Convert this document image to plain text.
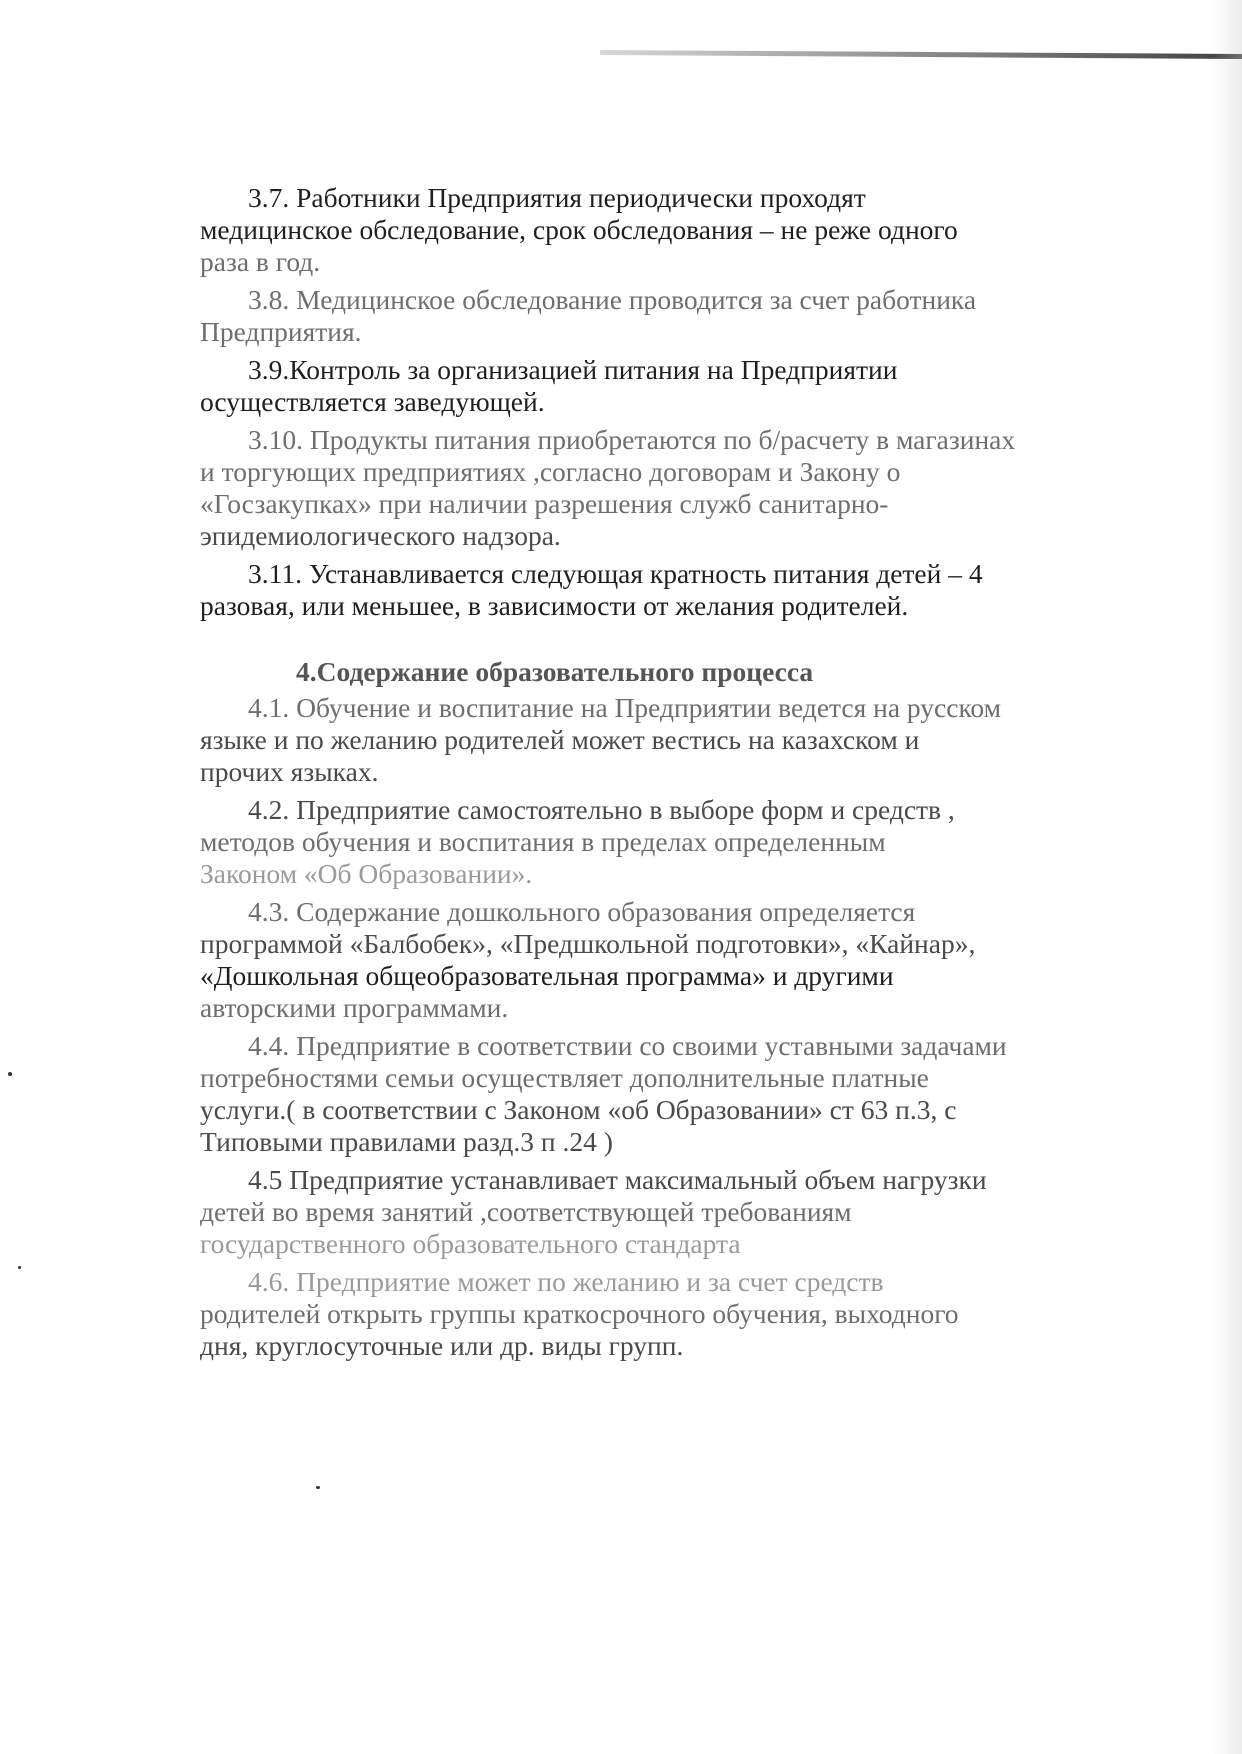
3.7. Работники Предприятия периодически проходят
медицинское обследование, срок обследования – не реже одного
раза в год.
3.8. Медицинское обследование проводится за счет работника
Предприятия.
3.9.Контроль за организацией питания на Предприятии
осуществляется заведующей.
3.10. Продукты питания приобретаются по б/расчету в магазинах
и торгующих предприятиях ,согласно договорам и Закону о
«Госзакупках» при наличии разрешения служб санитарно-
эпидемиологического надзора.
3.11. Устанавливается следующая кратность питания детей – 4
разовая, или меньшее, в зависимости от желания родителей.
4.Содержание образовательного процесса
4.1. Обучение и воспитание на Предприятии ведется на русском
языке и по желанию родителей может вестись на казахском и
прочих языках.
4.2. Предприятие самостоятельно в выборе форм и средств ,
методов обучения и воспитания в пределах определенным
Законом «Об Образовании».
4.3. Содержание дошкольного образования определяется
программой «Балбобек», «Предшкольной подготовки», «Кайнар»,
«Дошкольная общеобразовательная программа» и другими
авторскими программами.
4.4. Предприятие в соответствии со своими уставными задачами
потребностями семьи осуществляет дополнительные платные
услуги.( в соответствии с Законом «об Образовании» ст 63 п.3, с
Типовыми правилами разд.3 п .24 )
4.5 Предприятие устанавливает максимальный объем нагрузки
детей во время занятий ,соответствующей требованиям
государственного образовательного стандарта
4.6. Предприятие может по желанию и за счет средств
родителей открыть группы краткосрочного обучения, выходного
дня, круглосуточные или др. виды групп.
